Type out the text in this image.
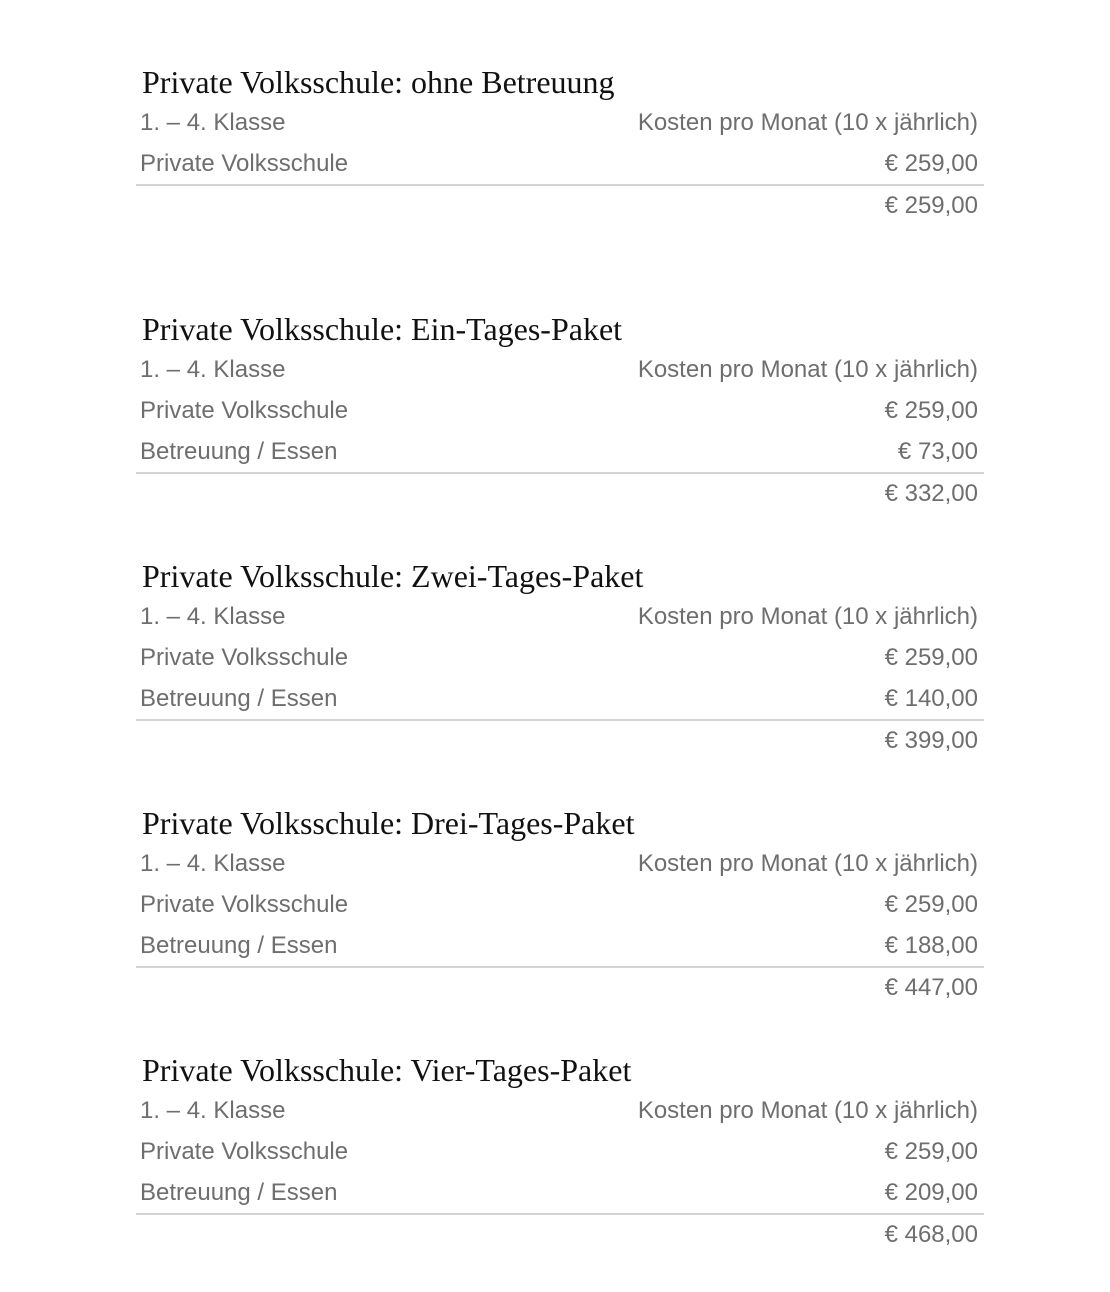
Private Volksschule: ohne Betreuung
1. – 4. Klasse	Kosten pro Monat (10 x jährlich)
Private Volksschule	€ 259,00
€ 259,00
Private Volksschule: Ein-Tages-Paket
1. – 4. Klasse	Kosten pro Monat (10 x jährlich)
Private Volksschule	€ 259,00
Betreuung / Essen	€ 73,00
€ 332,00
Private Volksschule: Zwei-Tages-Paket
1. – 4. Klasse	Kosten pro Monat (10 x jährlich)
Private Volksschule	€ 259,00
Betreuung / Essen	€ 140,00
€ 399,00
Private Volksschule: Drei-Tages-Paket
1. – 4. Klasse	Kosten pro Monat (10 x jährlich)
Private Volksschule	€ 259,00
Betreuung / Essen	€ 188,00
€ 447,00
Private Volksschule: Vier-Tages-Paket
1. – 4. Klasse	Kosten pro Monat (10 x jährlich)
Private Volksschule	€ 259,00
Betreuung / Essen	€ 209,00
€ 468,00
